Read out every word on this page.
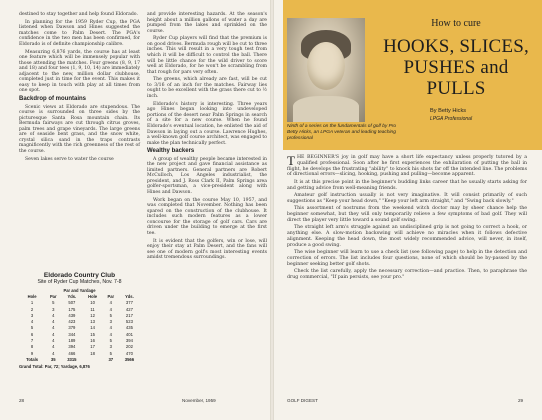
destined to stay together and help found Eldorado.

In planning for the 1959 Ryder Cup, the PGA listened when Dawson and Hines suggested the matches come to Palm Desert. The PGA's confidence in the two men has been confirmed, for Eldorado is of definite championship calibre.

Measuring 6,876 yards, the course has at least one feature which will be immensely popular with those attending the matches. Four greens (8, 9, 17 and 18) and four tees (1, 9, 10, 14) are immediately adjacent to the new, million dollar clubhouse, completed just in time for the event. This makes it easy to keep in touch with play at all times from one spot.

Backdrop of mountains

Scenic views at Eldorado are stupendous. The course is surrounded on three sides by the picturesque Santa Rosa mountain chain. Its Bermuda fairways are cut through citrus groves, palm trees and grape vineyards. The large greens are of seaside bent grass, and the snow white, crystal silica sand in the traps contrasts magnificently with the rich greenness of the rest of the course.

Seven lakes serve to water the course

Eldorado Country Club
Site of Ryder Cup Matches, Nov. 7-8
Par and Yardage					
Hole	Par	Yds.	Hole	Par	Yds.
1	5	507	10	4	377
2	3	175	11	4	427
3	4	439	12	5	217
4	4	423	13	3	523
5	4	379	14	4	435
6	4	344	15	4	401
7	4	189	16	5	394
8	4	394	17	3	202
9	4	466	18	5	470
Totals	35	3315		37	3566
Grand Total: Par, 72; Yardage, 6,876

and provide interesting hazards. At the season's height about a million gallons of water a day are pumped from the lakes and sprinkled on the course.

Ryder Cup players will find that the premium is on good drives. Bermuda rough will be cut to three inches. This will result in a very tough test from which it will be difficult to control the ball. There will be little chance for the wild driver to score well at Eldorado, for he won't be scrambling from that rough for pars very often.

The greens, which already are fast, will be cut to 3/16 of an inch for the matches. Fairway lies ought to be excellent with the grass there cut to ½ inch.

Eldorado's history is interesting. Three years ago Hines began looking into undeveloped portions of the desert near Palm Springs in search of a site for a new course. When he found Eldorado's eventual location, he enlisted the aid of Dawson in laying out a course. Lawrence Hughes, a well-known golf course architect, was engaged to make the plan technically perfect.

Wealthy backers

A group of wealthy people became interested in the new project and gave financial assistance as limited partners. General partners are Robert McCulloch, Los Angeles industrialist, the president, and J. Ross Clark II, Palm Springs area golfer-sportsman, a vice-president along with Hines and Dawson.

Work began on the course May 10, 1957, and was completed that November. Nothing has been spared on the construction of the clubhouse. It includes such modern features as a lower concourse for the storage of golf cars. Cars are driven under the building to emerge at the first tee.

It is evident that the golfers, win or lose, will enjoy their stay at Palm Desert, and the fans will see one of modern golf's most interesting events amidst tremendous surroundings.

28	November, 1959
How to cure
HOOKS, SLICES,
PUSHES and PULLS
By Betty Hicks
LPGA Professional
Ninth of a series on the fundamentals of golf by Pro Betty Hicks, an LPGA veteran and leading teaching professional

THE BEGINNER'S joy in golf may have a short life expectancy unless properly tutored by a qualified professional. Soon after he first experiences the exhilaration of putting the ball in flight, he develops the frustrating "ability" to knock his shots far off the intended line. The problems of directional errors—slicing, hooking, pushing and pulling—become apparent.

It is at this precise point in the beginner's budding links career that he usually starts asking for and getting advice from well-meaning friends.

Amateur golf instruction usually is not very imaginative. It will consist primarily of such suggestions as "Keep your head down," "Keep your left arm straight," and "Swing back slowly."

This assortment of nostrums from the weekend witch doctor may by sheer chance help the beginner somewhat, but they will only temporarily relieve a few symptoms of bad golf. They will direct the player very little toward a sound golf swing.

The straight left arm's struggle against an undisciplined grip is not going to correct a hook, or anything else. A slow-motion backswing will achieve no miracles when it follows defective alignment. Keeping the head down, the most widely recommended advice, will never, in itself, produce a good swing.

The wise beginner will learn to use a check list (see following page) to help in the detection and correction of errors. The list includes four questions, none of which should be by-passed by the beginner seeking better golf shots.

Check the list carefully, apply the necessary correction—and practice. Then, to paraphrase the drug commercial, "If pain persists, see your pro."

GOLF DIGEST	29
